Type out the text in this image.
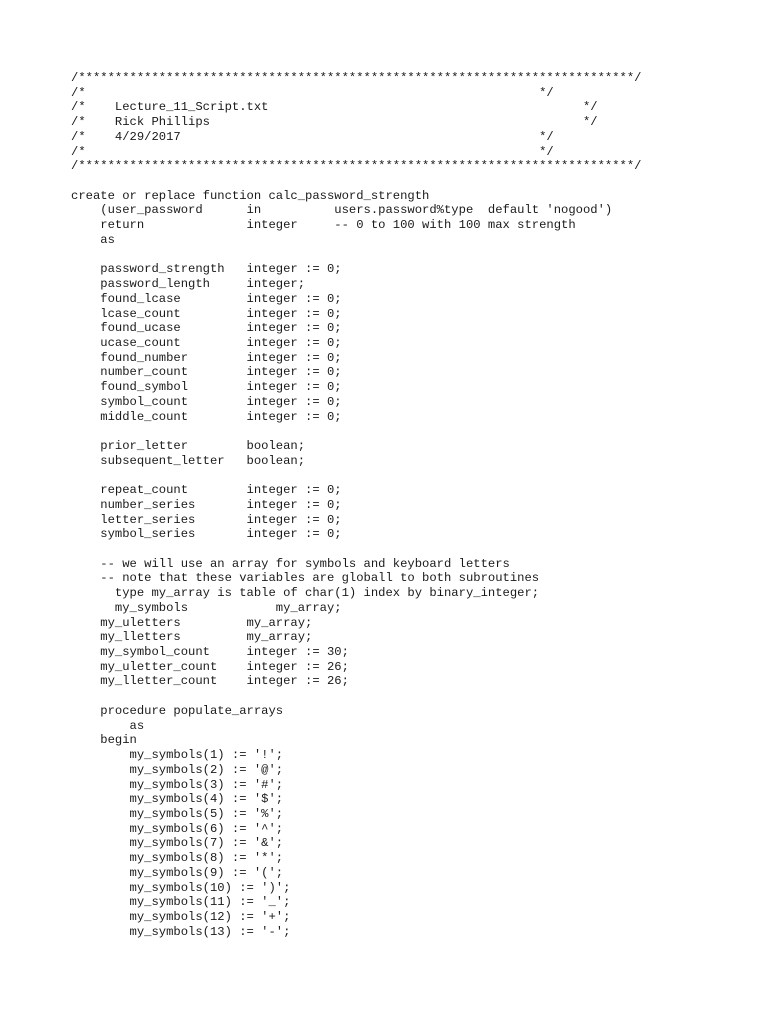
/****************************************************************************/
/*                                                              */
/*    Lecture_11_Script.txt                                           */
/*    Rick Phillips                                                   */
/*    4/29/2017                                                 */
/*                                                              */
/****************************************************************************/
create or replace function calc_password_strength
(user_password      in          users.password%type  default 'nogood')
return              integer     -- 0 to 100 with 100 max strength
as
password_strength   integer := 0;
password_length     integer;
found_lcase         integer := 0;
lcase_count         integer := 0;
found_ucase         integer := 0;
ucase_count         integer := 0;
found_number        integer := 0;
number_count        integer := 0;
found_symbol        integer := 0;
symbol_count        integer := 0;
middle_count        integer := 0;
prior_letter        boolean;
subsequent_letter   boolean;
repeat_count        integer := 0;
number_series       integer := 0;
letter_series       integer := 0;
symbol_series       integer := 0;
-- we will use an array for symbols and keyboard letters
-- note that these variables are globall to both subroutines
type my_array is table of char(1) index by binary_integer;
my_symbols            my_array;
my_uletters         my_array;
my_lletters         my_array;
my_symbol_count     integer := 30;
my_uletter_count    integer := 26;
my_lletter_count    integer := 26;
procedure populate_arrays
as
begin
my_symbols(1) := '!';
my_symbols(2) := '@';
my_symbols(3) := '#';
my_symbols(4) := '$';
my_symbols(5) := '%';
my_symbols(6) := '^';
my_symbols(7) := '&';
my_symbols(8) := '*';
my_symbols(9) := '(';
my_symbols(10) := ')';
my_symbols(11) := '_';
my_symbols(12) := '+';
my_symbols(13) := '-';
